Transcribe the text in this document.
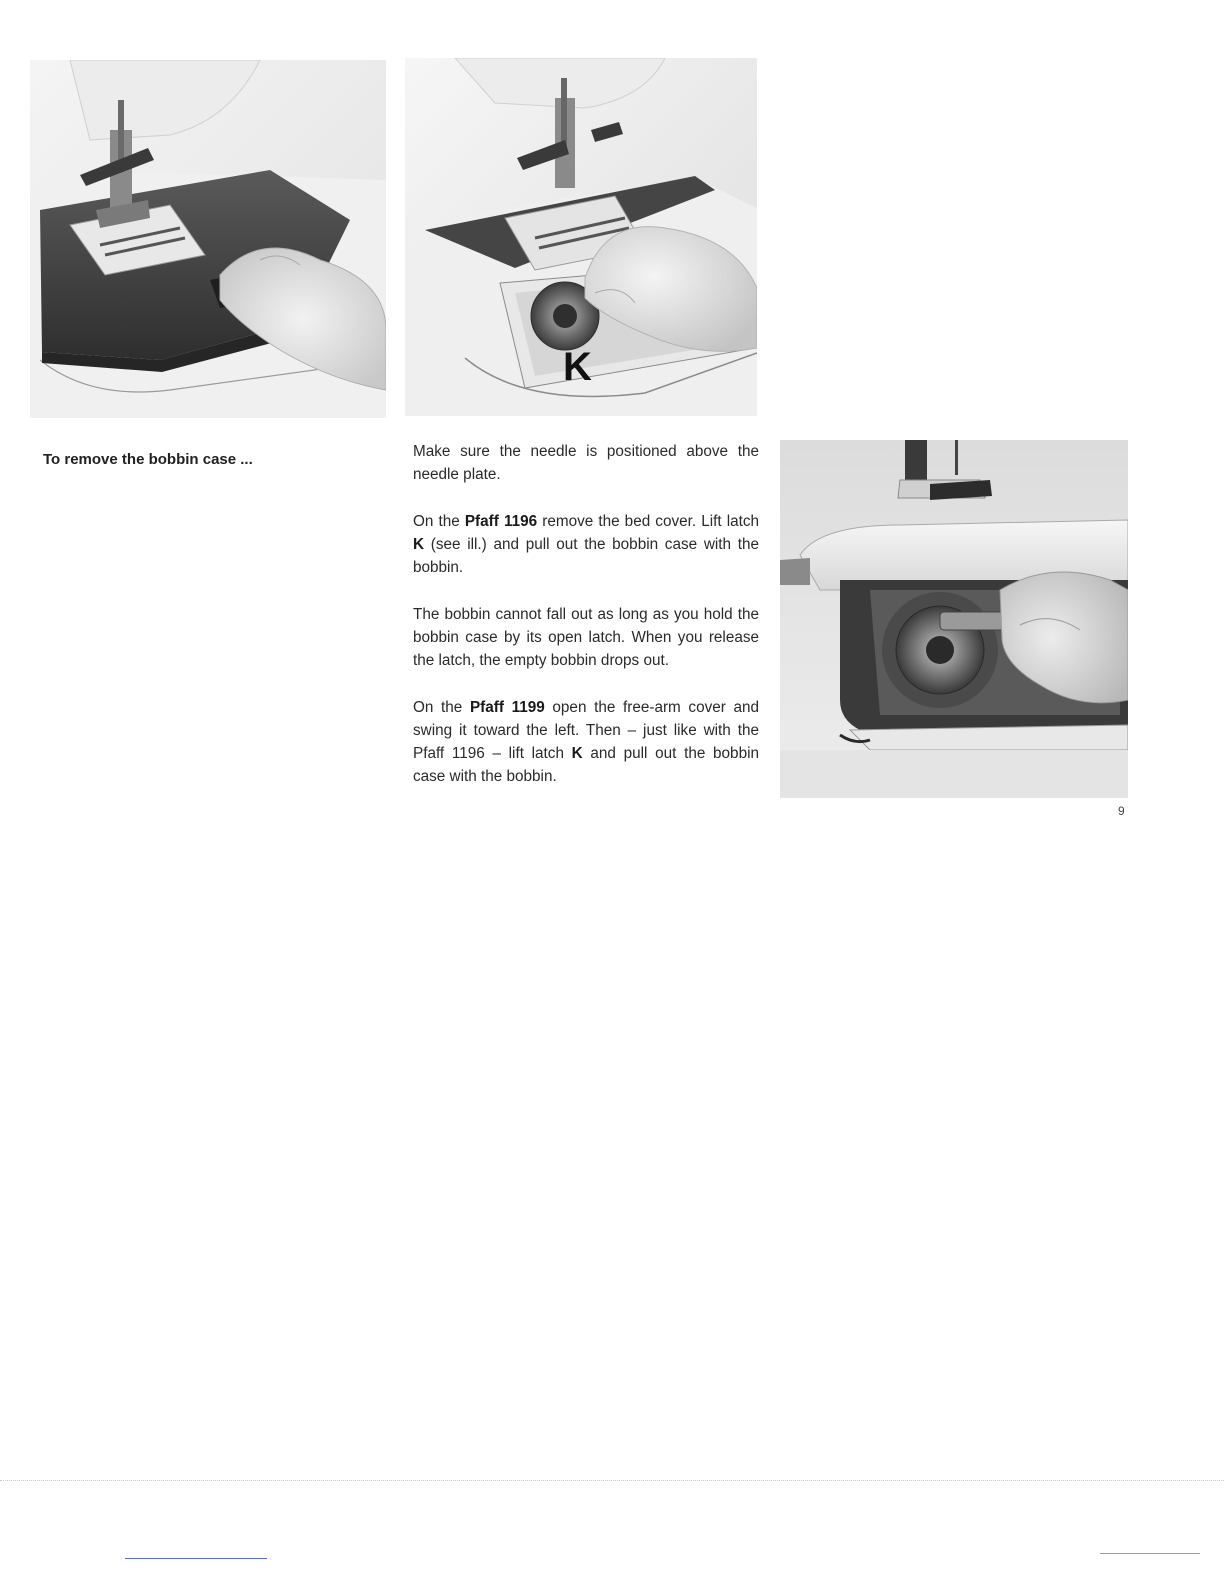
K
To remove the bobbin case ...	Make sure the needle is positioned above the needle plate.

On the Pfaff 1196 remove the bed cover. Lift latch K (see ill.) and pull out the bobbin case with the bobbin.

The bobbin cannot fall out as long as you hold the bobbin case by its open latch. When you release the latch, the empty bobbin drops out.

On the Pfaff 1199 open the free-arm cover and swing it toward the left. Then – just like with the Pfaff 1196 – lift latch K and pull out the bobbin case with the bobbin.

9
